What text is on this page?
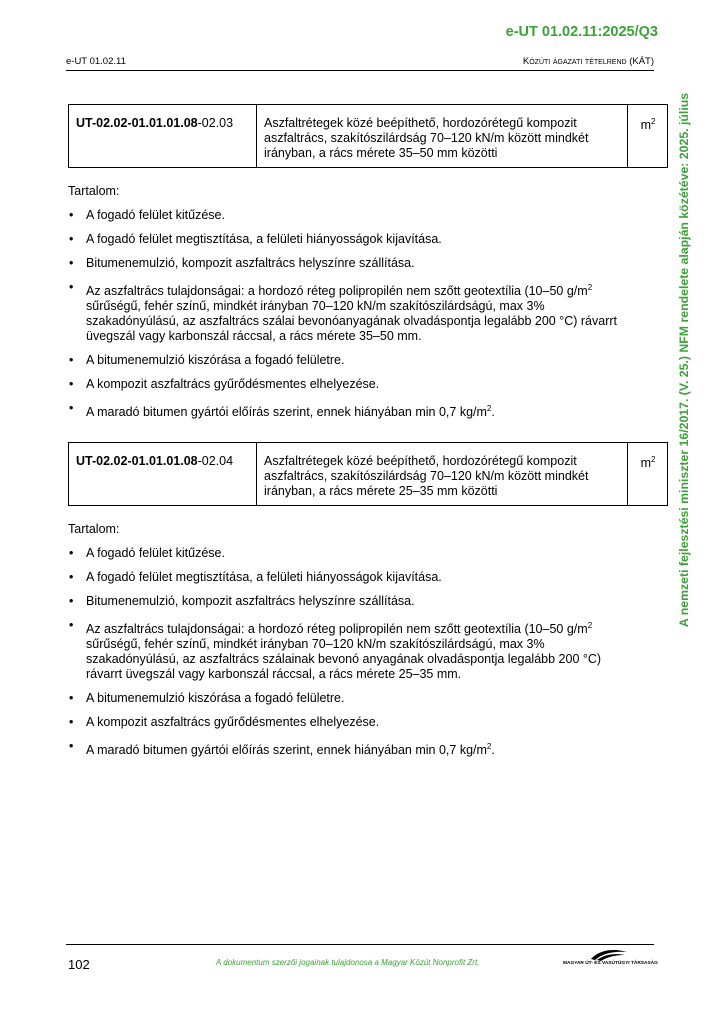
e-UT 01.02.11:2025/Q3
e-UT 01.02.11	Közúti ágazati tételrend (KÁT)
A nemzeti fejlesztési miniszter 16/2017. (V. 25.) NFM rendelete alapján közétéve: 2025. július
UT-02.02-01.01.01.08-02.03	Aszfaltrétegek közé beépíthető, hordozórétegű kompozit aszfaltrács, szakítószilárdság 70–120 kN/m között mindkét irányban, a rács mérete 35–50 mm közötti	$m^2$

Tartalom:

• A fogadó felület kitűzése.
• A fogadó felület megtisztítása, a felületi hiányosságok kijavítása.
• Bitumenemulzió, kompozit aszfaltrács helyszínre szállítása.
• Az aszfaltrács tulajdonságai: a hordozó réteg polipropilén nem szőtt geotextília (10–50 $g/m^2$ sűrűségű, fehér színű, mindkét irányban 70–120 kN/m szakítószilárdságú, max 3% szakadónyúlású, az aszfaltrács szálai bevonóanyagának olvadáspontja legalább 200 °C) rávarrt üvegszál vagy karbonszál ráccsal, a rács mérete 35–50 mm.
• A bitumenemulzió kiszórása a fogadó felületre.
• A kompozit aszfaltrács gyűrődésmentes elhelyezése.
• A maradó bitumen gyártói előírás szerint, ennek hiányában min 0,7 $kg/m^2$.
UT-02.02-01.01.01.08-02.04	Aszfaltrétegek közé beépíthető, hordozórétegű kompozit aszfaltrács, szakítószilárdság 70–120 kN/m között mindkét irányban, a rács mérete 25–35 mm közötti	$m^2$

Tartalom:

• A fogadó felület kitűzése.
• A fogadó felület megtisztítása, a felületi hiányosságok kijavítása.
• Bitumenemulzió, kompozit aszfaltrács helyszínre szállítása.
• Az aszfaltrács tulajdonságai: a hordozó réteg polipropilén nem szőtt geotextília (10–50 $g/m^2$ sűrűségű, fehér színű, mindkét irányban 70–120 kN/m szakítószilárdságú, max 3% szakadónyúlású, az aszfaltrács szálainak bevonó anyagának olvadáspontja legalább 200 °C) rávarrt üvegszál vagy karbonszál ráccsal, a rács mérete 25–35 mm.
• A bitumenemulzió kiszórása a fogadó felületre.
• A kompozit aszfaltrács gyűrődésmentes elhelyezése.
• A maradó bitumen gyártói előírás szerint, ennek hiányában min 0,7 $kg/m^2$.
102	A dokumentum szerzői jogainak tulajdonosa a Magyar Közút Nonprofit Zrt.	MAGYAR ÚT- ÉS VASÚTÜGYI TÁRSASÁG
